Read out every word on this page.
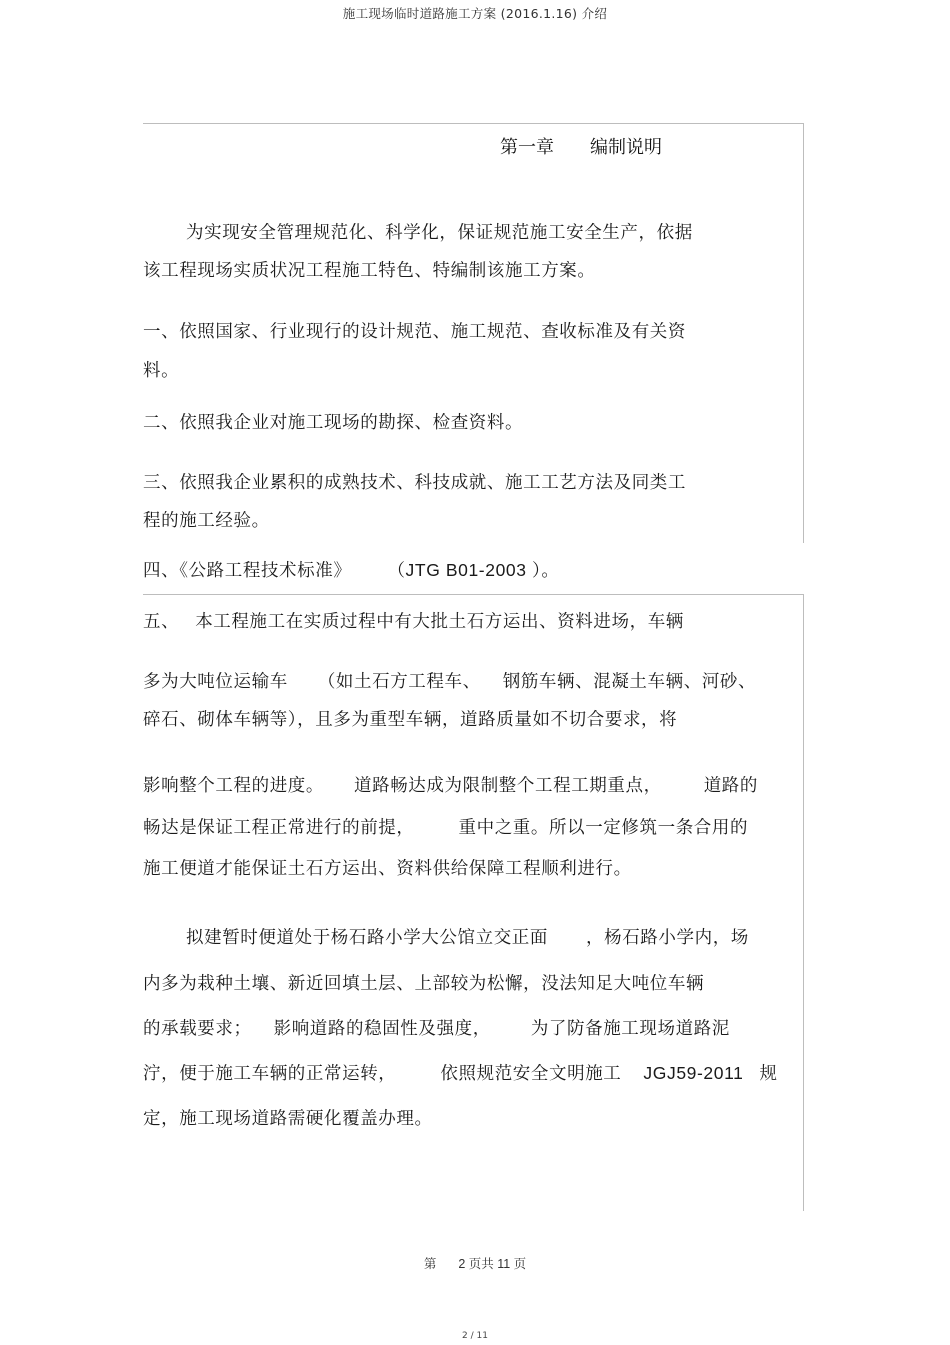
施工现场临时道路施工方案 (2016.1.16) 介绍
第一章 编制说明
为实现安全管理规范化、科学化，保证规范施工安全生产，依据
该工程现场实质状况工程施工特色、特编制该施工方案。
一、依照国家、行业现行的设计规范、施工规范、查收标准及有关资
料。
二、依照我企业对施工现场的勘探、检查资料。
三、依照我企业累积的成熟技术、科技成就、施工工艺方法及同类工
程的施工经验。
四、《公路工程技术标准》 （JTG B01-2003 ）。
五、 本工程施工在实质过程中有大批土石方运出、资料进场，车辆
多为大吨位运输车 （如土石方工程车、 钢筋车辆、混凝土车辆、河砂、
碎石、砌体车辆等），且多为重型车辆，道路质量如不切合要求，将
影响整个工程的进度。 道路畅达成为限制整个工程工期重点， 道路的
畅达是保证工程正常进行的前提，	重中之重。所以一定修筑一条合用的
施工便道才能保证土石方运出、资料供给保障工程顺利进行。
拟建暂时便道处于杨石路小学大公馆立交正面 ，杨石路小学内，场
内多为栽种土壤、新近回填土层、上部较为松懈，没法知足大吨位车辆
的承载要求； 影响道路的稳固性及强度， 为了防备施工现场道路泥
泞，便于施工车辆的正常运转，	依照规范安全文明施工 JGJ59-2011 规
定，施工现场道路需硬化覆盖办理。
第 2 页共 11 页
2 / 11
